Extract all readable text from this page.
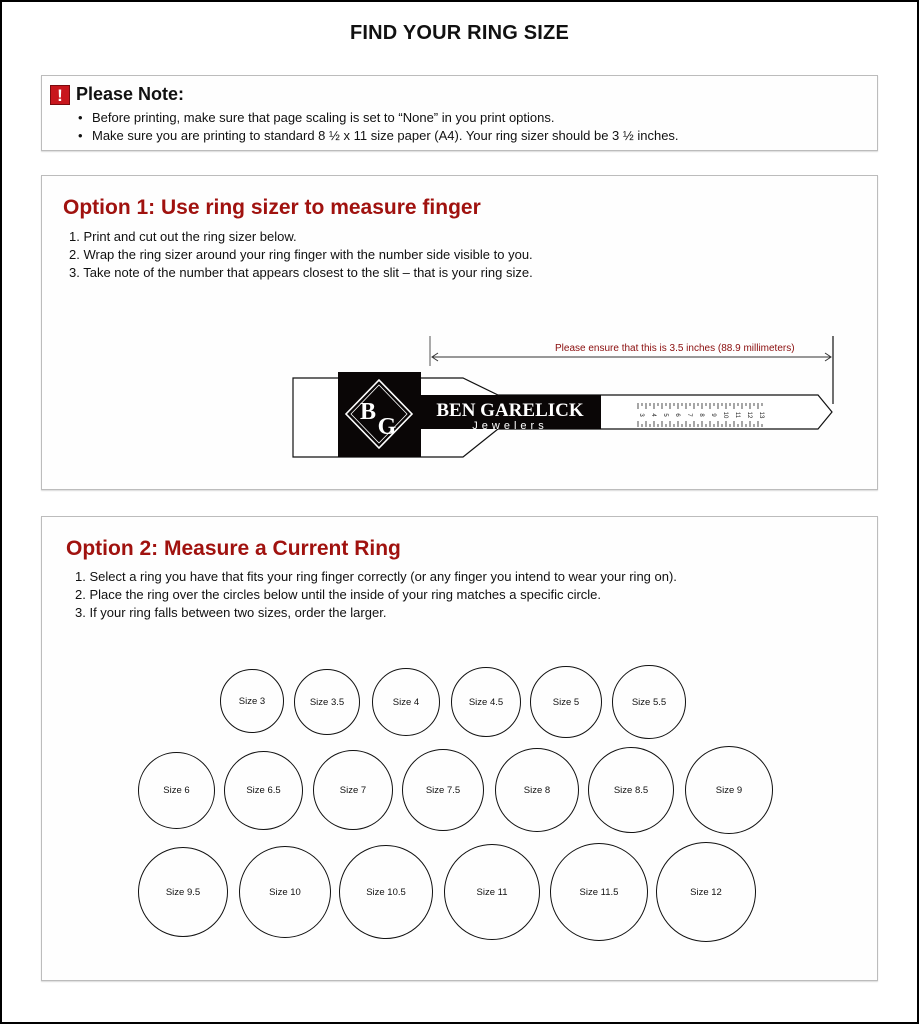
FIND YOUR RING SIZE
! Please Note:
• Before printing, make sure that page scaling is set to “None” in you print options.
• Make sure you are printing to standard 8 ½ x 11 size paper (A4). Your ring sizer should be 3 ½ inches.
Option 1: Use ring sizer to measure finger
1. Print and cut out the ring sizer below.
2. Wrap the ring sizer around your ring finger with the number side visible to you.
3. Take note of the number that appears closest to the slit – that is your ring size.
B
G
BEN GARELICK
Jewelers
3 4 5 6 7 8 9 10 11 12 13
Please ensure that this is 3.5 inches (88.9 millimeters)
Option 2: Measure a Current Ring
1. Select a ring you have that fits your ring finger correctly (or any finger you intend to wear your ring on).
2. Place the ring over the circles below until the inside of your ring matches a specific circle.
3. If your ring falls between two sizes, order the larger.
Size 3	Size 3.5	Size 4	Size 4.5	Size 5	Size 5.5
Size 6	Size 6.5	Size 7	Size 7.5	Size 8	Size 8.5	Size 9
Size 9.5	Size 10	Size 10.5	Size 11	Size 11.5	Size 12
